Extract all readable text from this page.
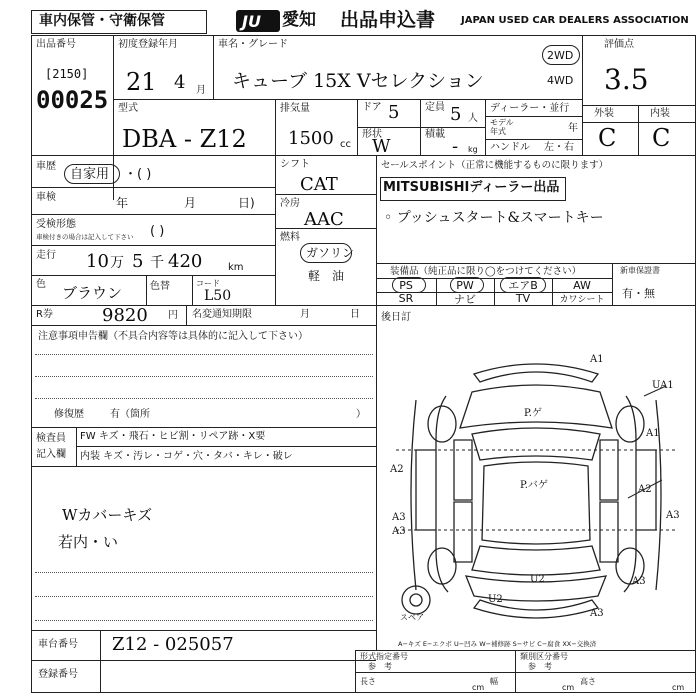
車内保管・守衛保管	JU 愛知 出品申込書	JAPAN USED CAR DEALERS ASSOCIATION
出品番号
[2150]
00025
初度登録年月
21 4 月
車名・グレード
キューブ 15X Vセレクション
2WD
4WD
評価点
3.5
外装	内装
C C
型式
DBA - Z12
排気量
1500 cc
ドア 5	定員 5 人
形状
W
積載
- kg
ディーラー・並行
モデル
年式	年
ハンドル 左・右
車歴
自家用 ・( )
車検	年	月	日)
受検形態
車検付きの場合は記入して下さい ( )
走行 10 万 5 千 420	km
色 ブラウン	色替	コード
L50
シフト
CAT
冷房
AAC
燃料
ガソリン
軽　油
セールスポイント（正常に機能するものに限ります）
MITSUBISHIディーラー出品
◦ プッシュスタート&スマートキー
装備品（純正品に限り◯をつけてください）
PS	PW	エアB	AW
SR	ナビ	TV	カワシート
新車保證書
有・無
R券	9820 円 名変通知期限	月	日
注意事項申告欄（不具合内容等は具体的に記入して下さい）
修復歴	有（箇所	）
検査員
記入欄
FW キズ・飛石・ヒビ割・リペア跡・X要
内装 キズ・汚レ・コゲ・穴・タバ・キレ・破レ
Wカバーキズ
若内・い
車台番号 Z12 - 025057
登録番号
後日訂
A1
UA1
P.ゲ
P.バゲ
A1
A2
A3
U2
A2
A3
A3
U2
A3
A3
スペア
A−キズ E−エクボ U−凹み W−補修跡 S−サビ C−腐食 XX−交換済
形式指定番号
参　考
類別区分番号
参　考
長さ
cm
幅
cm
高さ
cm
